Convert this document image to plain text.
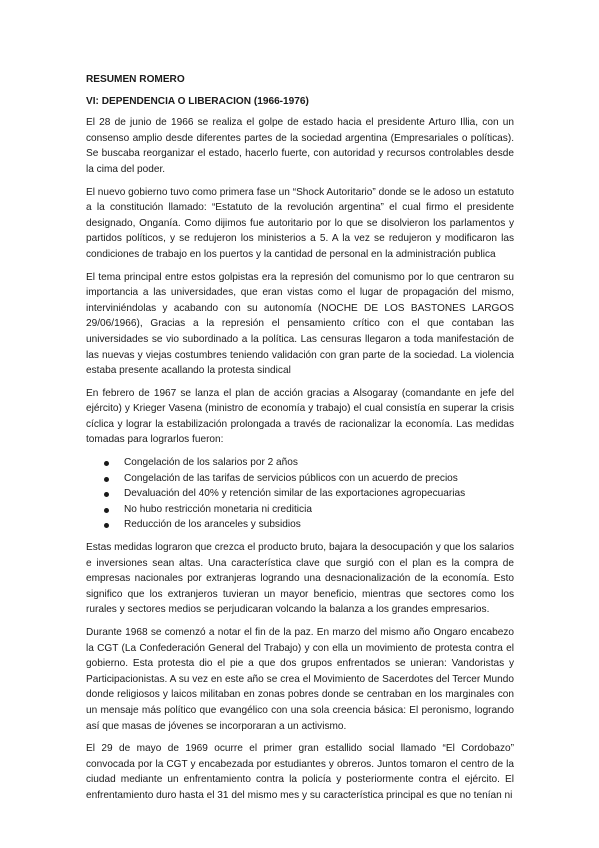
RESUMEN ROMERO

VI: DEPENDENCIA O LIBERACION (1966-1976)

El 28 de junio de 1966 se realiza el golpe de estado hacia el presidente Arturo Illia, con un consenso amplio desde diferentes partes de la sociedad argentina (Empresariales o políticas). Se buscaba reorganizar el estado, hacerlo fuerte, con autoridad y recursos controlables desde la cima del poder.

El nuevo gobierno tuvo como primera fase un “Shock Autoritario” donde se le adoso un estatuto a la constitución llamado: “Estatuto de la revolución argentina” el cual firmo el presidente designado, Onganía. Como dijimos fue autoritario por lo que se disolvieron los parlamentos y partidos políticos, y se redujeron los ministerios a 5. A la vez se redujeron y modificaron las condiciones de trabajo en los puertos y la cantidad de personal en la administración publica

El tema principal entre estos golpistas era la represión del comunismo por lo que centraron su importancia a las universidades, que eran vistas como el lugar de propagación del mismo, interviniéndolas y acabando con su autonomía (NOCHE DE LOS BASTONES LARGOS 29/06/1966), Gracias a la represión el pensamiento crítico con el que contaban las universidades se vio subordinado a la política. Las censuras llegaron a toda manifestación de las nuevas y viejas costumbres teniendo validación con gran parte de la sociedad. La violencia estaba presente acallando la protesta sindical

En febrero de 1967 se lanza el plan de acción gracias a Alsogaray (comandante en jefe del ejército) y Krieger Vasena (ministro de economía y trabajo) el cual consistía en superar la crisis cíclica y lograr la estabilización prolongada a través de racionalizar la economía. Las medidas tomadas para lograrlos fueron:

Congelación de los salarios por 2 años
Congelación de las tarifas de servicios públicos con un acuerdo de precios
Devaluación del 40% y retención similar de las exportaciones agropecuarias
No hubo restricción monetaria ni crediticia
Reducción de los aranceles y subsidios

Estas medidas lograron que crezca el producto bruto, bajara la desocupación y que los salarios e inversiones sean altas. Una característica clave que surgió con el plan es la compra de empresas nacionales por extranjeras logrando una desnacionalización de la economía. Esto significo que los extranjeros tuvieran un mayor beneficio, mientras que sectores como los rurales y sectores medios se perjudicaran volcando la balanza a los grandes empresarios.

Durante 1968 se comenzó a notar el fin de la paz. En marzo del mismo año Ongaro encabezo la CGT (La Confederación General del Trabajo) y con ella un movimiento de protesta contra el gobierno. Esta protesta dio el pie a que dos grupos enfrentados se unieran: Vandoristas y Participacionistas. A su vez en este año se crea el Movimiento de Sacerdotes del Tercer Mundo donde religiosos y laicos militaban en zonas pobres donde se centraban en los marginales con un mensaje más político que evangélico con una sola creencia básica: El peronismo, logrando así que masas de jóvenes se incorporaran a un activismo.

El 29 de mayo de 1969 ocurre el primer gran estallido social llamado “El Cordobazo” convocada por la CGT y encabezada por estudiantes y obreros. Juntos tomaron el centro de la ciudad mediante un enfrentamiento contra la policía y posteriormente contra el ejército. El enfrentamiento duro hasta el 31 del mismo mes y su característica principal es que no tenían ni
